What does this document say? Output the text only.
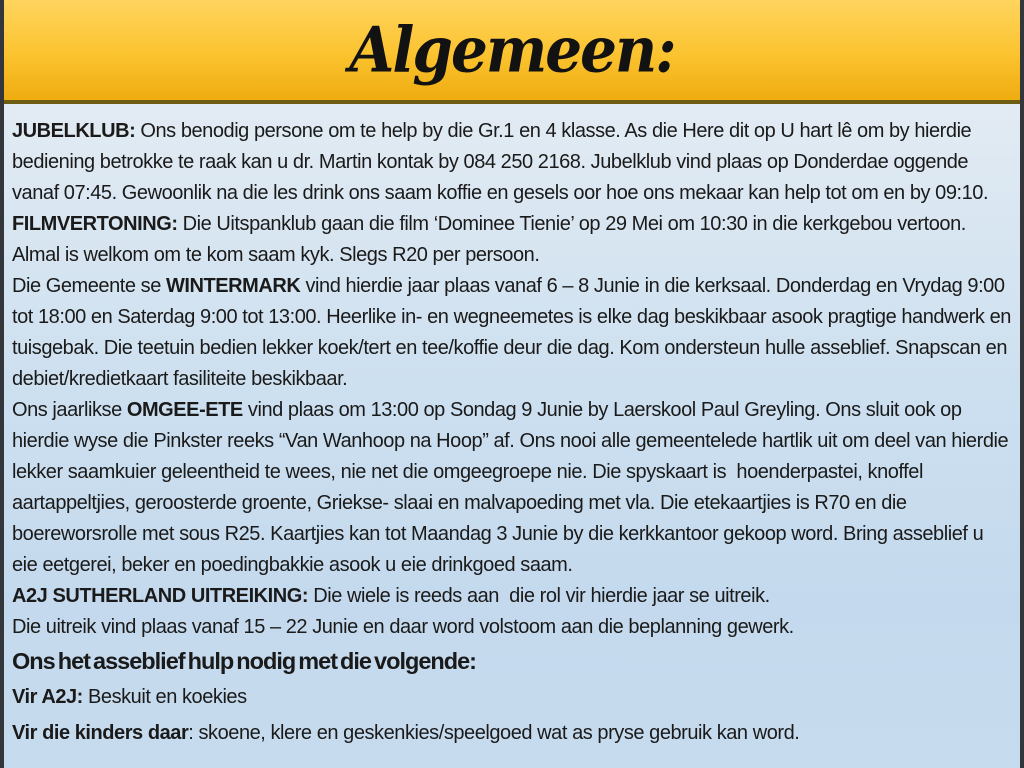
Algemeen:
JUBELKLUB: Ons benodig persone om te help by die Gr.1 en 4 klasse. As die Here dit op U hart lê om by hierdie
bediening betrokke te raak kan u dr. Martin kontak by 084 250 2168. Jubelklub vind plaas op Donderdae oggende
vanaf 07:45. Gewoonlik na die les drink ons saam koffie en gesels oor hoe ons mekaar kan help tot om en by 09:10.
FILMVERTONING: Die Uitspanklub gaan die film ‘Dominee Tienie’ op 29 Mei om 10:30 in die kerkgebou vertoon.
Almal is welkom om te kom saam kyk. Slegs R20 per persoon.
Die Gemeente se WINTERMARK vind hierdie jaar plaas vanaf 6 – 8 Junie in die kerksaal. Donderdag en Vrydag 9:00
tot 18:00 en Saterdag 9:00 tot 13:00. Heerlike in- en wegneemetes is elke dag beskikbaar asook pragtige handwerk en
tuisgebak. Die teetuin bedien lekker koek/tert en tee/koffie deur die dag. Kom ondersteun hulle asseblief. Snapscan en
debiet/kredietkaart fasiliteite beskikbaar.
Ons jaarlikse OMGEE-ETE vind plaas om 13:00 op Sondag 9 Junie by Laerskool Paul Greyling. Ons sluit ook op
hierdie wyse die Pinkster reeks “Van Wanhoop na Hoop” af. Ons nooi alle gemeentelede hartlik uit om deel van hierdie
lekker saamkuier geleentheid te wees, nie net die omgeegroepe nie. Die spyskaart is  hoenderpastei, knoffel
aartappeltjies, geroosterde groente, Griekse- slaai en malvapoeding met vla. Die etekaartjies is R70 en die
boereworsrolle met sous R25. Kaartjies kan tot Maandag 3 Junie by die kerkkantoor gekoop word. Bring asseblief u
eie eetgerei, beker en poedingbakkie asook u eie drinkgoed saam.
A2J SUTHERLAND UITREIKING: Die wiele is reeds aan  die rol vir hierdie jaar se uitreik.
Die uitreik vind plaas vanaf 15 – 22 Junie en daar word volstoom aan die beplanning gewerk.
Ons het asseblief hulp nodig met die volgende:
Vir A2J: Beskuit en koekies
Vir die kinders daar: skoene, klere en geskenkies/speelgoed wat as pryse gebruik kan word.
